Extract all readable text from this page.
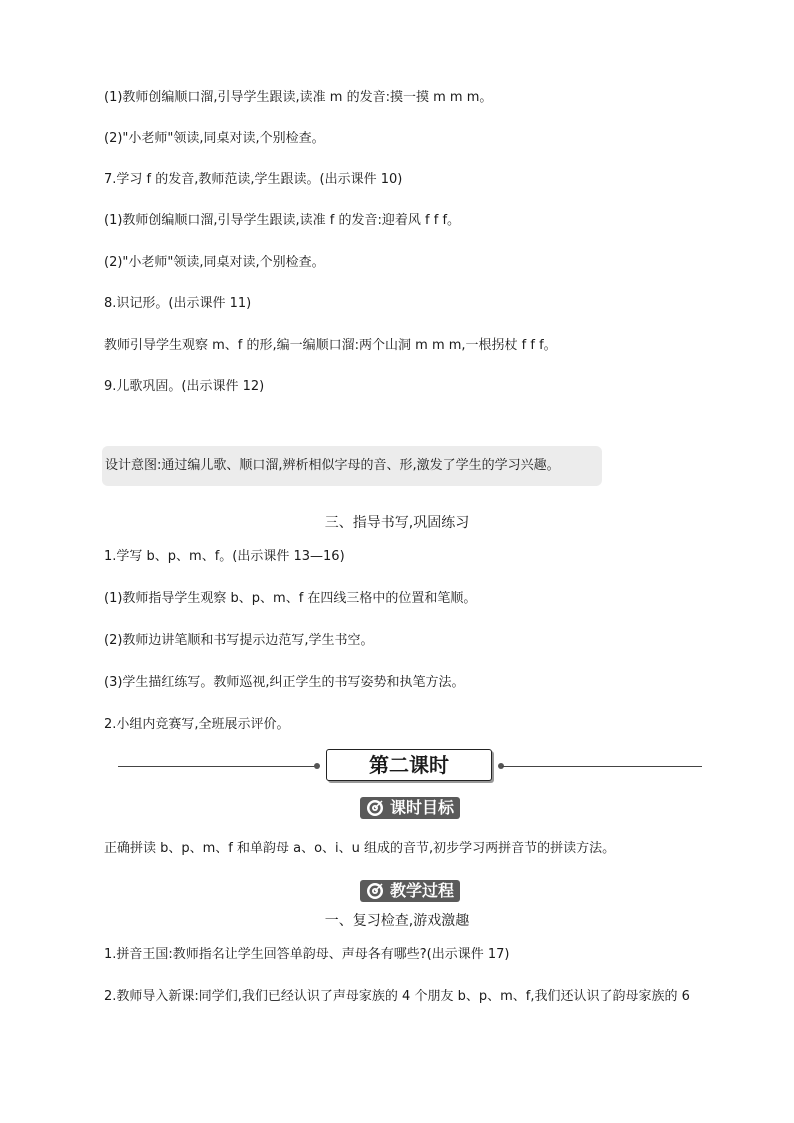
(1)教师创编顺口溜,引导学生跟读,读准 m 的发音:摸一摸 m m m。
(2)"小老师"领读,同桌对读,个别检查。
7.学习 f 的发音,教师范读,学生跟读。(出示课件 10)
(1)教师创编顺口溜,引导学生跟读,读准 f 的发音:迎着风 f f f。
(2)"小老师"领读,同桌对读,个别检查。
8.识记形。(出示课件 11)
教师引导学生观察 m、f 的形,编一编顺口溜:两个山洞 m m m,一根拐杖 f f f。
9.儿歌巩固。(出示课件 12)
设计意图:通过编儿歌、顺口溜,辨析相似字母的音、形,激发了学生的学习兴趣。
三、指导书写,巩固练习
1.学写 b、p、m、f。(出示课件 13—16)
(1)教师指导学生观察 b、p、m、f 在四线三格中的位置和笔顺。
(2)教师边讲笔顺和书写提示边范写,学生书空。
(3)学生描红练写。教师巡视,纠正学生的书写姿势和执笔方法。
2.小组内竞赛写,全班展示评价。
第二课时
课时目标
正确拼读 b、p、m、f 和单韵母 a、o、i、u 组成的音节,初步学习两拼音节的拼读方法。
教学过程
一、复习检查,游戏激趣
1.拼音王国:教师指名让学生回答单韵母、声母各有哪些?(出示课件 17)
2.教师导入新课:同学们,我们已经认识了声母家族的 4 个朋友 b、p、m、f,我们还认识了韵母家族的 6
